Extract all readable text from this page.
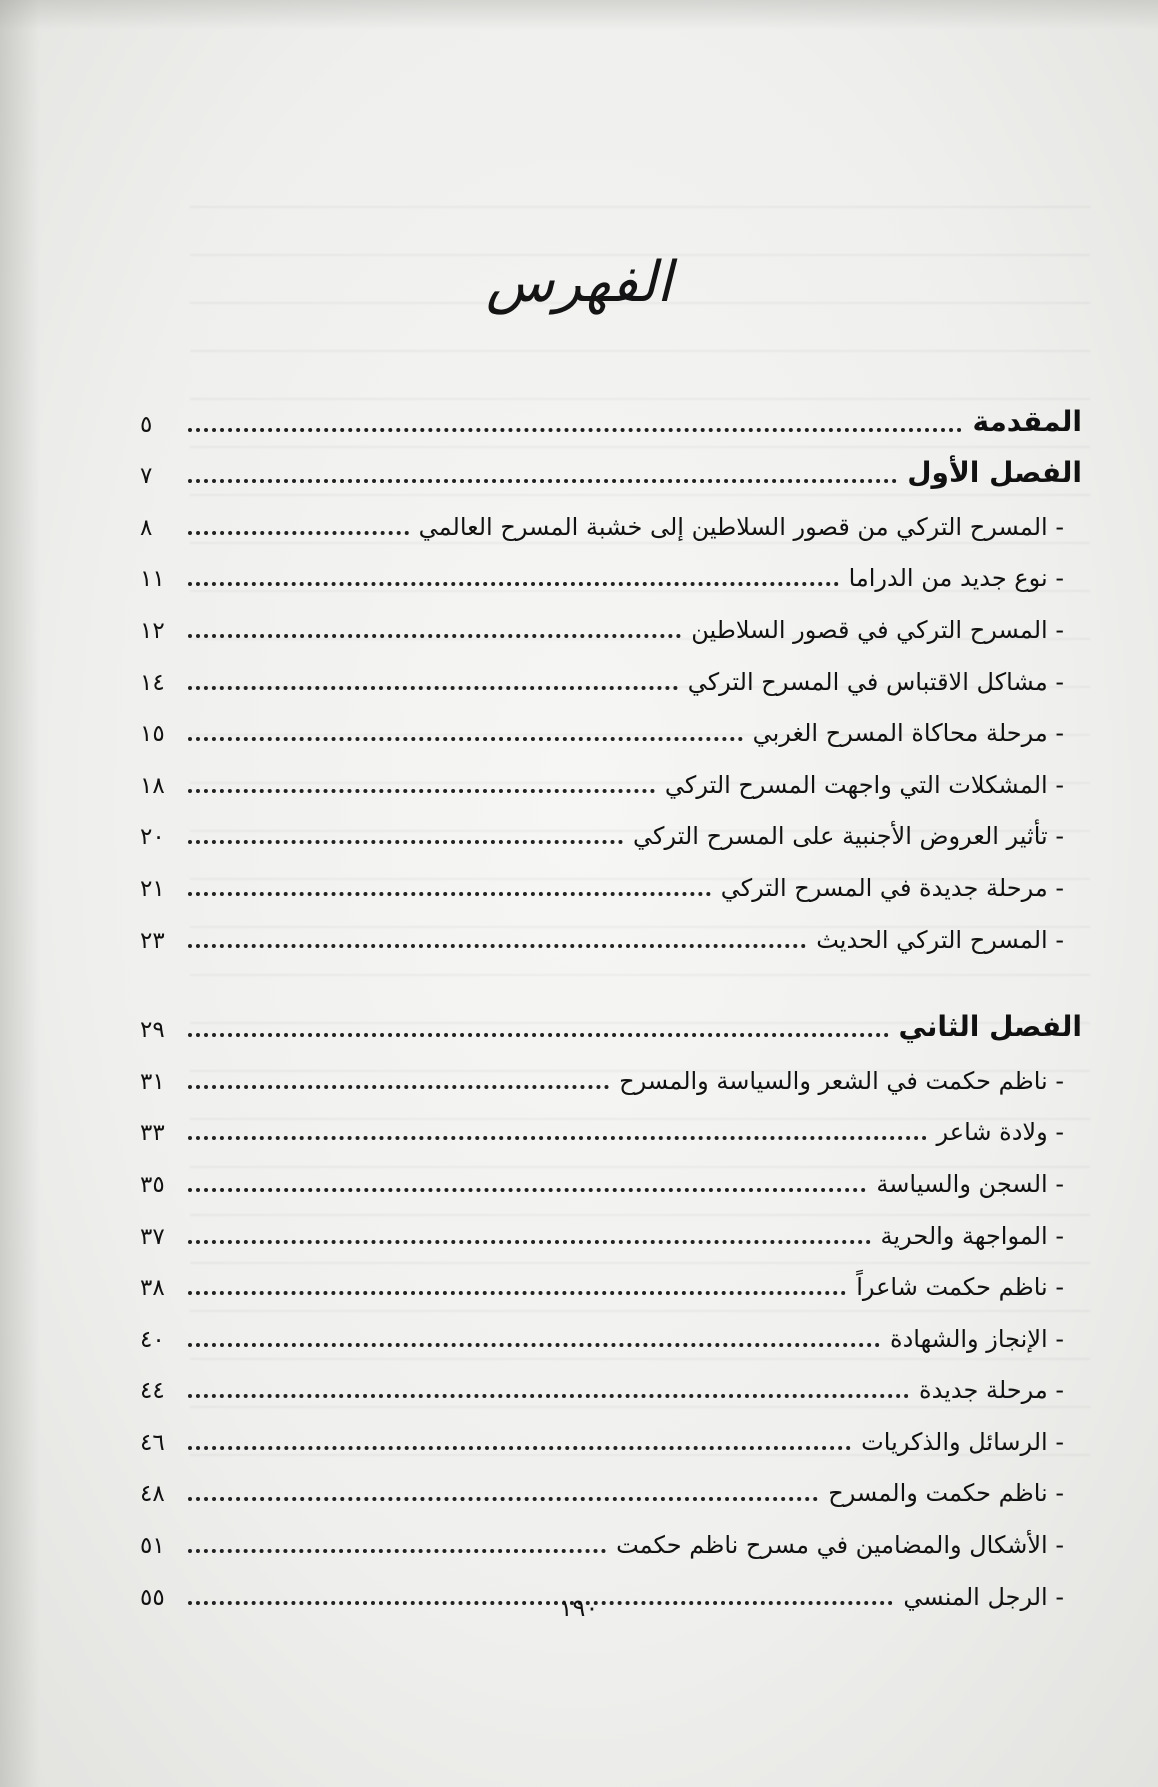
الفهرس
المقدمة
٥
الفصل الأول
٧
- المسرح التركي من قصور السلاطين إلى خشبة المسرح العالمي
٨
- نوع جديد من الدراما
١١
- المسرح التركي في قصور السلاطين
١٢
- مشاكل الاقتباس في المسرح التركي
١٤
- مرحلة محاكاة المسرح الغربي
١٥
- المشكلات التي واجهت المسرح التركي
١٨
- تأثير العروض الأجنبية على المسرح التركي
٢٠
- مرحلة جديدة في المسرح التركي
٢١
- المسرح التركي الحديث
٢٣
الفصل الثاني
٢٩
- ناظم حكمت في الشعر والسياسة والمسرح
٣١
- ولادة شاعر
٣٣
- السجن والسياسة
٣٥
- المواجهة والحرية
٣٧
- ناظم حكمت شاعراً
٣٨
- الإنجاز والشهادة
٤٠
- مرحلة جديدة
٤٤
- الرسائل والذكريات
٤٦
- ناظم حكمت والمسرح
٤٨
- الأشكال والمضامين في مسرح ناظم حكمت
٥١
- الرجل المنسي
٥٥	١٩٠
